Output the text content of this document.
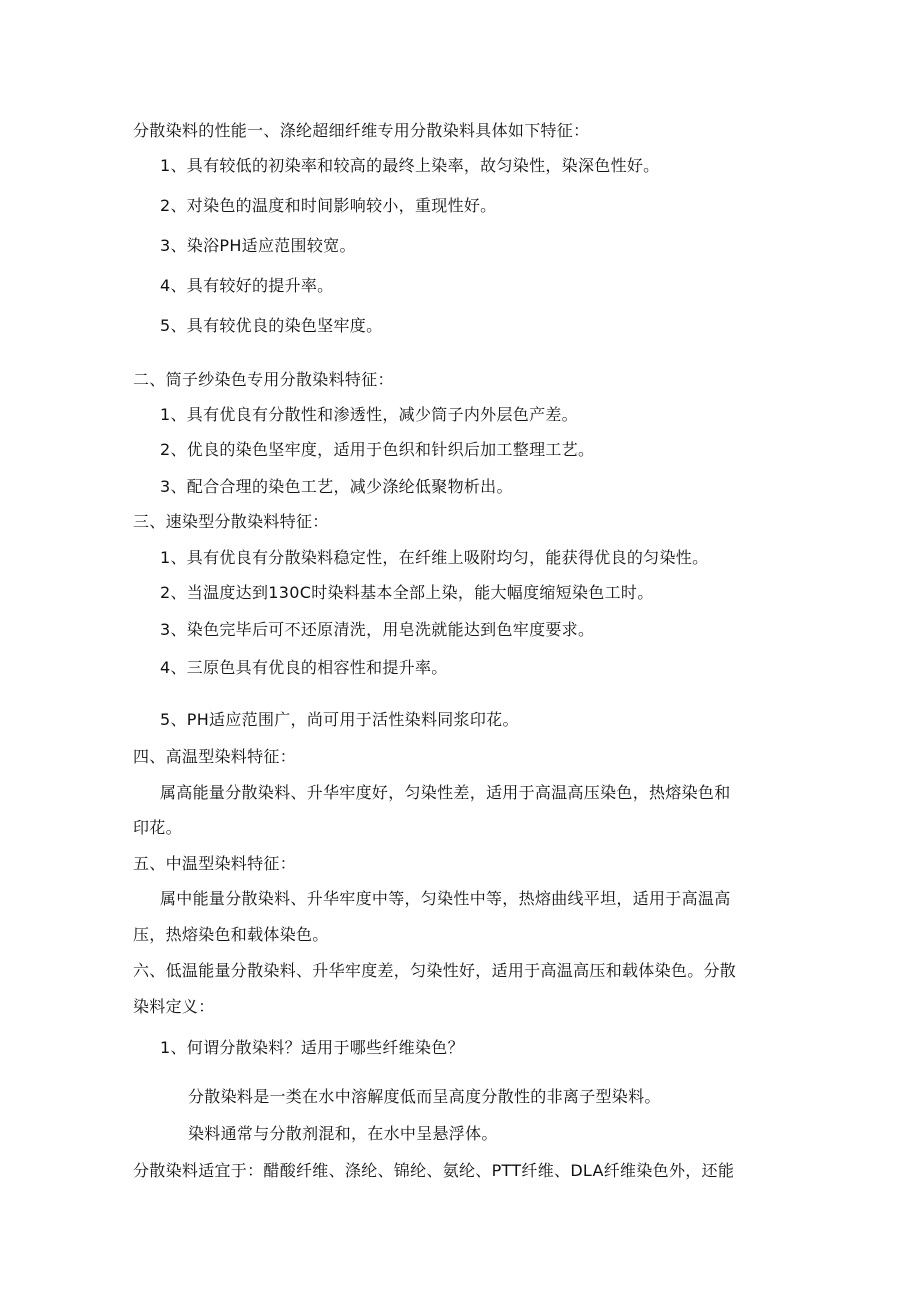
分散染料的性能一、涤纶超细纤维专用分散染料具体如下特征：
1、具有较低的初染率和较高的最终上染率，故匀染性，染深色性好。
2、对染色的温度和时间影响较小，重现性好。
3、染浴PH适应范围较宽。
4、具有较好的提升率。
5、具有较优良的染色坚牢度。
二、筒子纱染色专用分散染料特征：
1、具有优良有分散性和渗透性，减少筒子内外层色产差。
2、优良的染色坚牢度，适用于色织和针织后加工整理工艺。
3、配合合理的染色工艺，减少涤纶低聚物析出。
三、速染型分散染料特征：
1、具有优良有分散染料稳定性，在纤维上吸附均匀，能获得优良的匀染性。
2、当温度达到130C时染料基本全部上染，能大幅度缩短染色工时。
3、染色完毕后可不还原清洗，用皂洗就能达到色牢度要求。
4、三原色具有优良的相容性和提升率。
5、PH适应范围广，尚可用于活性染料同浆印花。
四、高温型染料特征：
属高能量分散染料、升华牢度好，匀染性差，适用于高温高压染色，热熔染色和
印花。
五、中温型染料特征：
属中能量分散染料、升华牢度中等，匀染性中等，热熔曲线平坦，适用于高温高
压，热熔染色和载体染色。
六、低温能量分散染料、升华牢度差，匀染性好，适用于高温高压和载体染色。分散
染料定义：
1、何谓分散染料？适用于哪些纤维染色？
分散染料是一类在水中溶解度低而呈高度分散性的非离子型染料。
染料通常与分散剂混和，在水中呈悬浮体。
分散染料适宜于：醋酸纤维、涤纶、锦纶、氨纶、PTT纤维、DLA纤维染色外，还能
